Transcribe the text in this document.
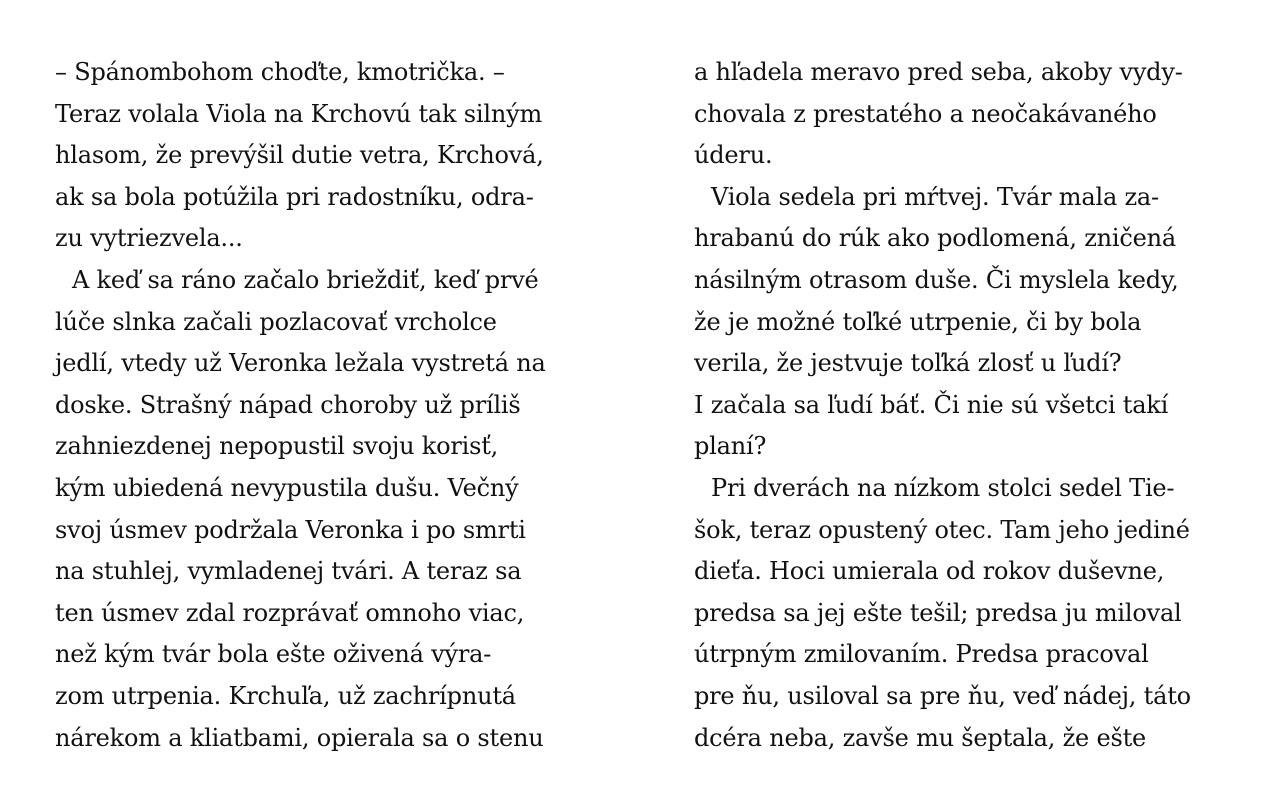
– Spánombohom choďte, kmotrička. –
Teraz volala Viola na Krchovú tak silným
hlasom, že prevýšil dutie vetra, Krchová,
ak sa bola potúžila pri radostníku, odra-
zu vytriezvela...
A keď sa ráno začalo brieždiť, keď prvé
lúče slnka začali pozlacovať vrcholce
jedlí, vtedy už Veronka ležala vystretá na
doske. Strašný nápad choroby už príliš
zahniezdenej nepopustil svoju korisť,
kým ubiedená nevypustila dušu. Večný
svoj úsmev podržala Veronka i po smrti
na stuhlej, vymladenej tvári. A teraz sa
ten úsmev zdal rozprávať omnoho viac,
než kým tvár bola ešte oživená výra-
zom utrpenia. Krchuľa, už zachrípnutá
nárekom a kliatbami, opierala sa o stenu
a hľadela meravo pred seba, akoby vydy-
chovala z prestatého a neočakávaného
úderu.
Viola sedela pri mŕtvej. Tvár mala za-
hrabanú do rúk ako podlomená, zničená
násilným otrasom duše. Či myslela kedy,
že je možné toľké utrpenie, či by bola
verila, že jestvuje toľká zlosť u ľudí?
I začala sa ľudí báť. Či nie sú všetci takí
planí?
Pri dverách na nízkom stolci sedel Tie-
šok, teraz opustený otec. Tam jeho jediné
dieťa. Hoci umierala od rokov duševne,
predsa sa jej ešte tešil; predsa ju miloval
útrpným zmilovaním. Predsa pracoval
pre ňu, usiloval sa pre ňu, veď nádej, táto
dcéra neba, zavše mu šeptala, že ešte
